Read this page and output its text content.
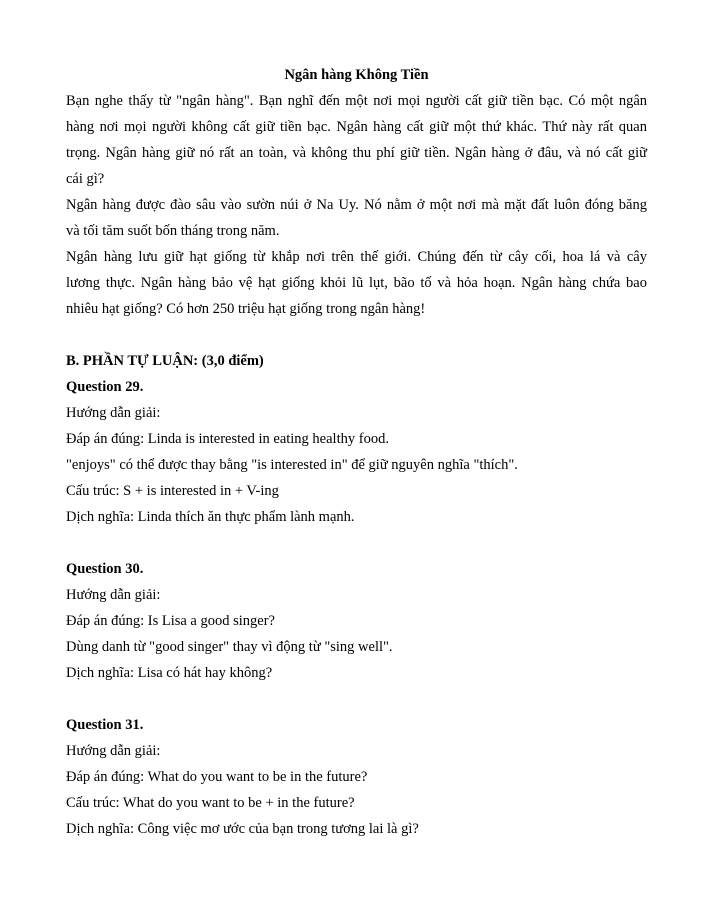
Ngân hàng Không Tiền
Bạn nghe thấy từ "ngân hàng". Bạn nghĩ đến một nơi mọi người cất giữ tiền bạc. Có một ngân
hàng nơi mọi người không cất giữ tiền bạc. Ngân hàng cất giữ một thứ khác. Thứ này rất quan
trọng. Ngân hàng giữ nó rất an toàn, và không thu phí giữ tiền. Ngân hàng ở đâu, và nó cất giữ
cái gì?
Ngân hàng được đào sâu vào sườn núi ở Na Uy. Nó nằm ở một nơi mà mặt đất luôn đóng băng
và tối tăm suốt bốn tháng trong năm.
Ngân hàng lưu giữ hạt giống từ khắp nơi trên thế giới. Chúng đến từ cây cối, hoa lá và cây
lương thực. Ngân hàng bảo vệ hạt giống khỏi lũ lụt, bão tố và hỏa hoạn. Ngân hàng chứa bao
nhiêu hạt giống? Có hơn 250 triệu hạt giống trong ngân hàng!
B. PHẦN TỰ LUẬN: (3,0 điểm)
Question 29.
Hướng dẫn giải:
Đáp án đúng: Linda is interested in eating healthy food.
"enjoys" có thể được thay bằng "is interested in" để giữ nguyên nghĩa "thích".
Cấu trúc: S + is interested in + V-ing
Dịch nghĩa: Linda thích ăn thực phẩm lành mạnh.
Question 30.
Hướng dẫn giải:
Đáp án đúng: Is Lisa a good singer?
Dùng danh từ "good singer" thay vì động từ "sing well".
Dịch nghĩa: Lisa có hát hay không?
Question 31.
Hướng dẫn giải:
Đáp án đúng: What do you want to be in the future?
Cấu trúc: What do you want to be + in the future?
Dịch nghĩa: Công việc mơ ước của bạn trong tương lai là gì?
